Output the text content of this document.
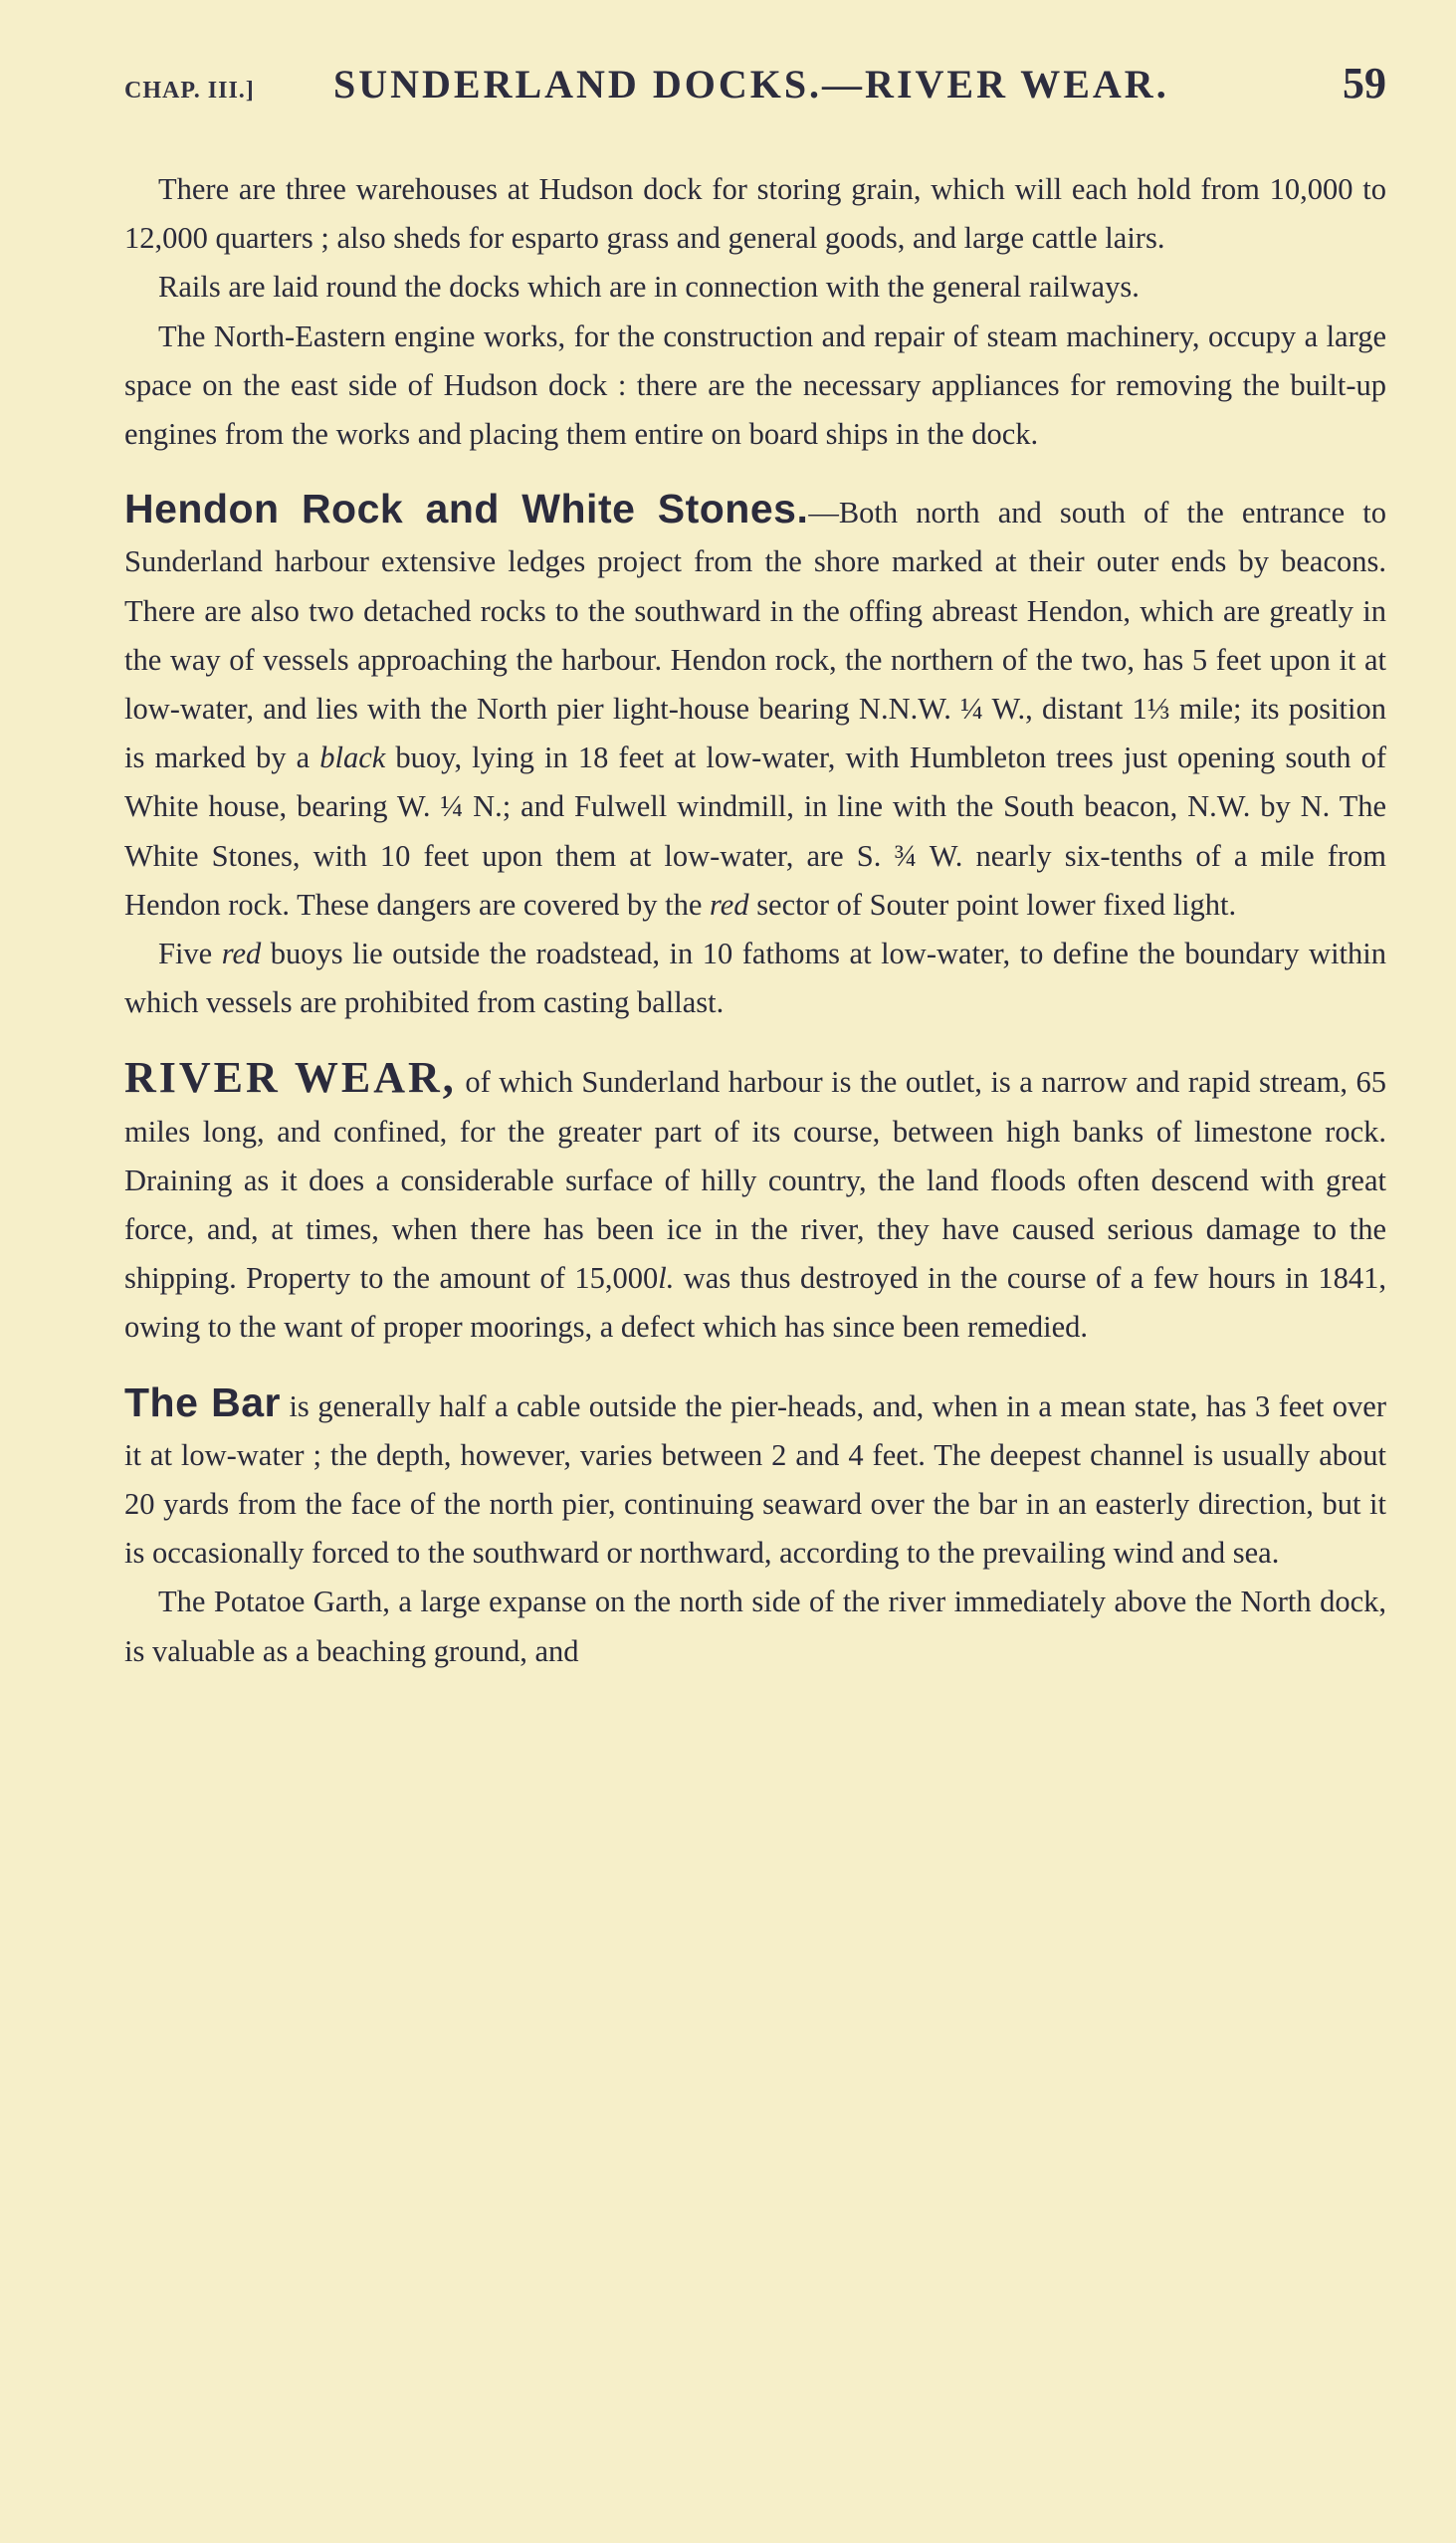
CHAP. III.]	SUNDERLAND DOCKS.—RIVER WEAR.	59

There are three warehouses at Hudson dock for storing grain, which will each hold from 10,000 to 12,000 quarters ; also sheds for esparto grass and general goods, and large cattle lairs.

Rails are laid round the docks which are in connection with the general railways.

The North-Eastern engine works, for the construction and repair of steam machinery, occupy a large space on the east side of Hudson dock : there are the necessary appliances for removing the built-up engines from the works and placing them entire on board ships in the dock.

Hendon Rock and White Stones.—Both north and south of the entrance to Sunderland harbour extensive ledges project from the shore marked at their outer ends by beacons. There are also two detached rocks to the southward in the offing abreast Hendon, which are greatly in the way of vessels approaching the harbour. Hendon rock, the northern of the two, has 5 feet upon it at low-water, and lies with the North pier light-house bearing N.N.W. ¼ W., distant 1⅓ mile; its position is marked by a black buoy, lying in 18 feet at low-water, with Humbleton trees just opening south of White house, bearing W. ¼ N.; and Fulwell windmill, in line with the South beacon, N.W. by N. The White Stones, with 10 feet upon them at low-water, are S. ¾ W. nearly six-tenths of a mile from Hendon rock. These dangers are covered by the red sector of Souter point lower fixed light.

Five red buoys lie outside the roadstead, in 10 fathoms at low-water, to define the boundary within which vessels are prohibited from casting ballast.

RIVER WEAR, of which Sunderland harbour is the outlet, is a narrow and rapid stream, 65 miles long, and confined, for the greater part of its course, between high banks of limestone rock. Draining as it does a considerable surface of hilly country, the land floods often descend with great force, and, at times, when there has been ice in the river, they have caused serious damage to the shipping. Property to the amount of 15,000l. was thus destroyed in the course of a few hours in 1841, owing to the want of proper moorings, a defect which has since been remedied.

The Bar is generally half a cable outside the pier-heads, and, when in a mean state, has 3 feet over it at low-water ; the depth, however, varies between 2 and 4 feet. The deepest channel is usually about 20 yards from the face of the north pier, continuing seaward over the bar in an easterly direction, but it is occasionally forced to the southward or northward, according to the prevailing wind and sea.

The Potatoe Garth, a large expanse on the north side of the river immediately above the North dock, is valuable as a beaching ground, and
